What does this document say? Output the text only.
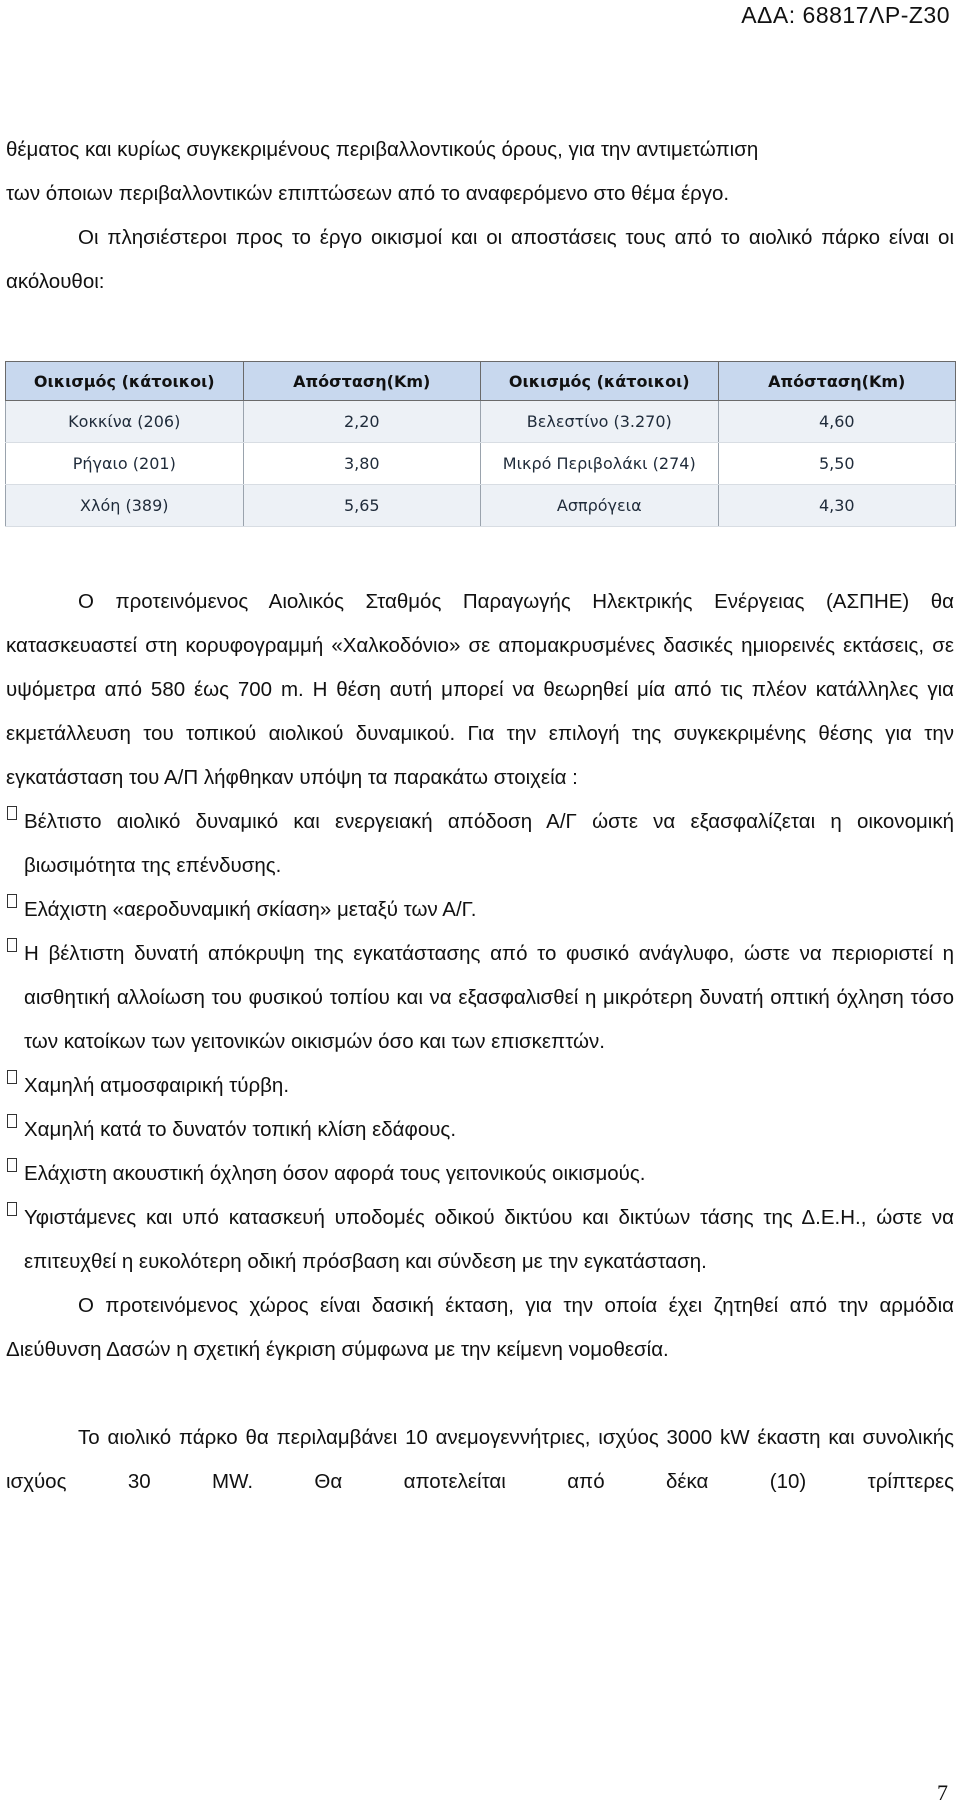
ΑΔΑ: 68817ΛΡ-Ζ30
θέματος και κυρίως συγκεκριμένους περιβαλλοντικούς όρους, για την αντιμετώπιση
των όποιων περιβαλλοντικών επιπτώσεων από το αναφερόμενο στο θέμα έργο.

Οι πλησιέστεροι προς το έργο οικισμοί και οι αποστάσεις τους από το αιολικό πάρκο είναι οι ακόλουθοι:

Οικισμός (κάτοικοι)	Απόσταση(Km)	Οικισμός (κάτοικοι)	Απόσταση(Km)
Κοκκίνα (206)	2,20	Βελεστίνο (3.270)	4,60
Ρήγαιο (201)	3,80	Μικρό Περιβολάκι (274)	5,50
Χλόη (389)	5,65	Ασπρόγεια	4,30

Ο προτεινόμενος Αιολικός Σταθμός Παραγωγής Ηλεκτρικής Ενέργειας (ΑΣΠΗΕ) θα κατασκευαστεί στη κορυφογραμμή «Χαλκοδόνιο» σε απομακρυσμένες δασικές ημιορεινές εκτάσεις, σε υψόμετρα από 580 έως 700 m. Η θέση αυτή μπορεί να θεωρηθεί μία από τις πλέον κατάλληλες για εκμετάλλευση του τοπικού αιολικού δυναμικού. Για την επιλογή της συγκεκριμένης θέσης για την εγκατάσταση του Α/Π λήφθηκαν υπόψη τα παρακάτω στοιχεία :

Βέλτιστο αιολικό δυναμικό και ενεργειακή απόδοση Α/Γ ώστε να εξασφαλίζεται η οικονομική βιωσιμότητα της επένδυσης.
Ελάχιστη «αεροδυναμική σκίαση» μεταξύ των Α/Γ.
Η βέλτιστη δυνατή απόκρυψη της εγκατάστασης από το φυσικό ανάγλυφο, ώστε να περιοριστεί η αισθητική αλλοίωση του φυσικού τοπίου και να εξασφαλισθεί η μικρότερη δυνατή οπτική όχληση τόσο των κατοίκων των γειτονικών οικισμών όσο και των επισκεπτών.
Χαμηλή ατμοσφαιρική τύρβη.
Χαμηλή κατά το δυνατόν τοπική κλίση εδάφους.
Ελάχιστη ακουστική όχληση όσον αφορά τους γειτονικούς οικισμούς.
Υφιστάμενες και υπό κατασκευή υποδομές οδικού δικτύου και δικτύων τάσης της Δ.Ε.Η., ώστε να επιτευχθεί η ευκολότερη οδική πρόσβαση και σύνδεση με την εγκατάσταση.

Ο προτεινόμενος χώρος είναι δασική έκταση, για την οποία έχει ζητηθεί από την αρμόδια Διεύθυνση Δασών η σχετική έγκριση σύμφωνα με την κείμενη νομοθεσία.

Το αιολικό πάρκο θα περιλαμβάνει 10 ανεμογεννήτριες, ισχύος 3000 kW έκαστη και συνολικής ισχύος 30 MW. Θα αποτελείται από δέκα (10) τρίπτερες

7
